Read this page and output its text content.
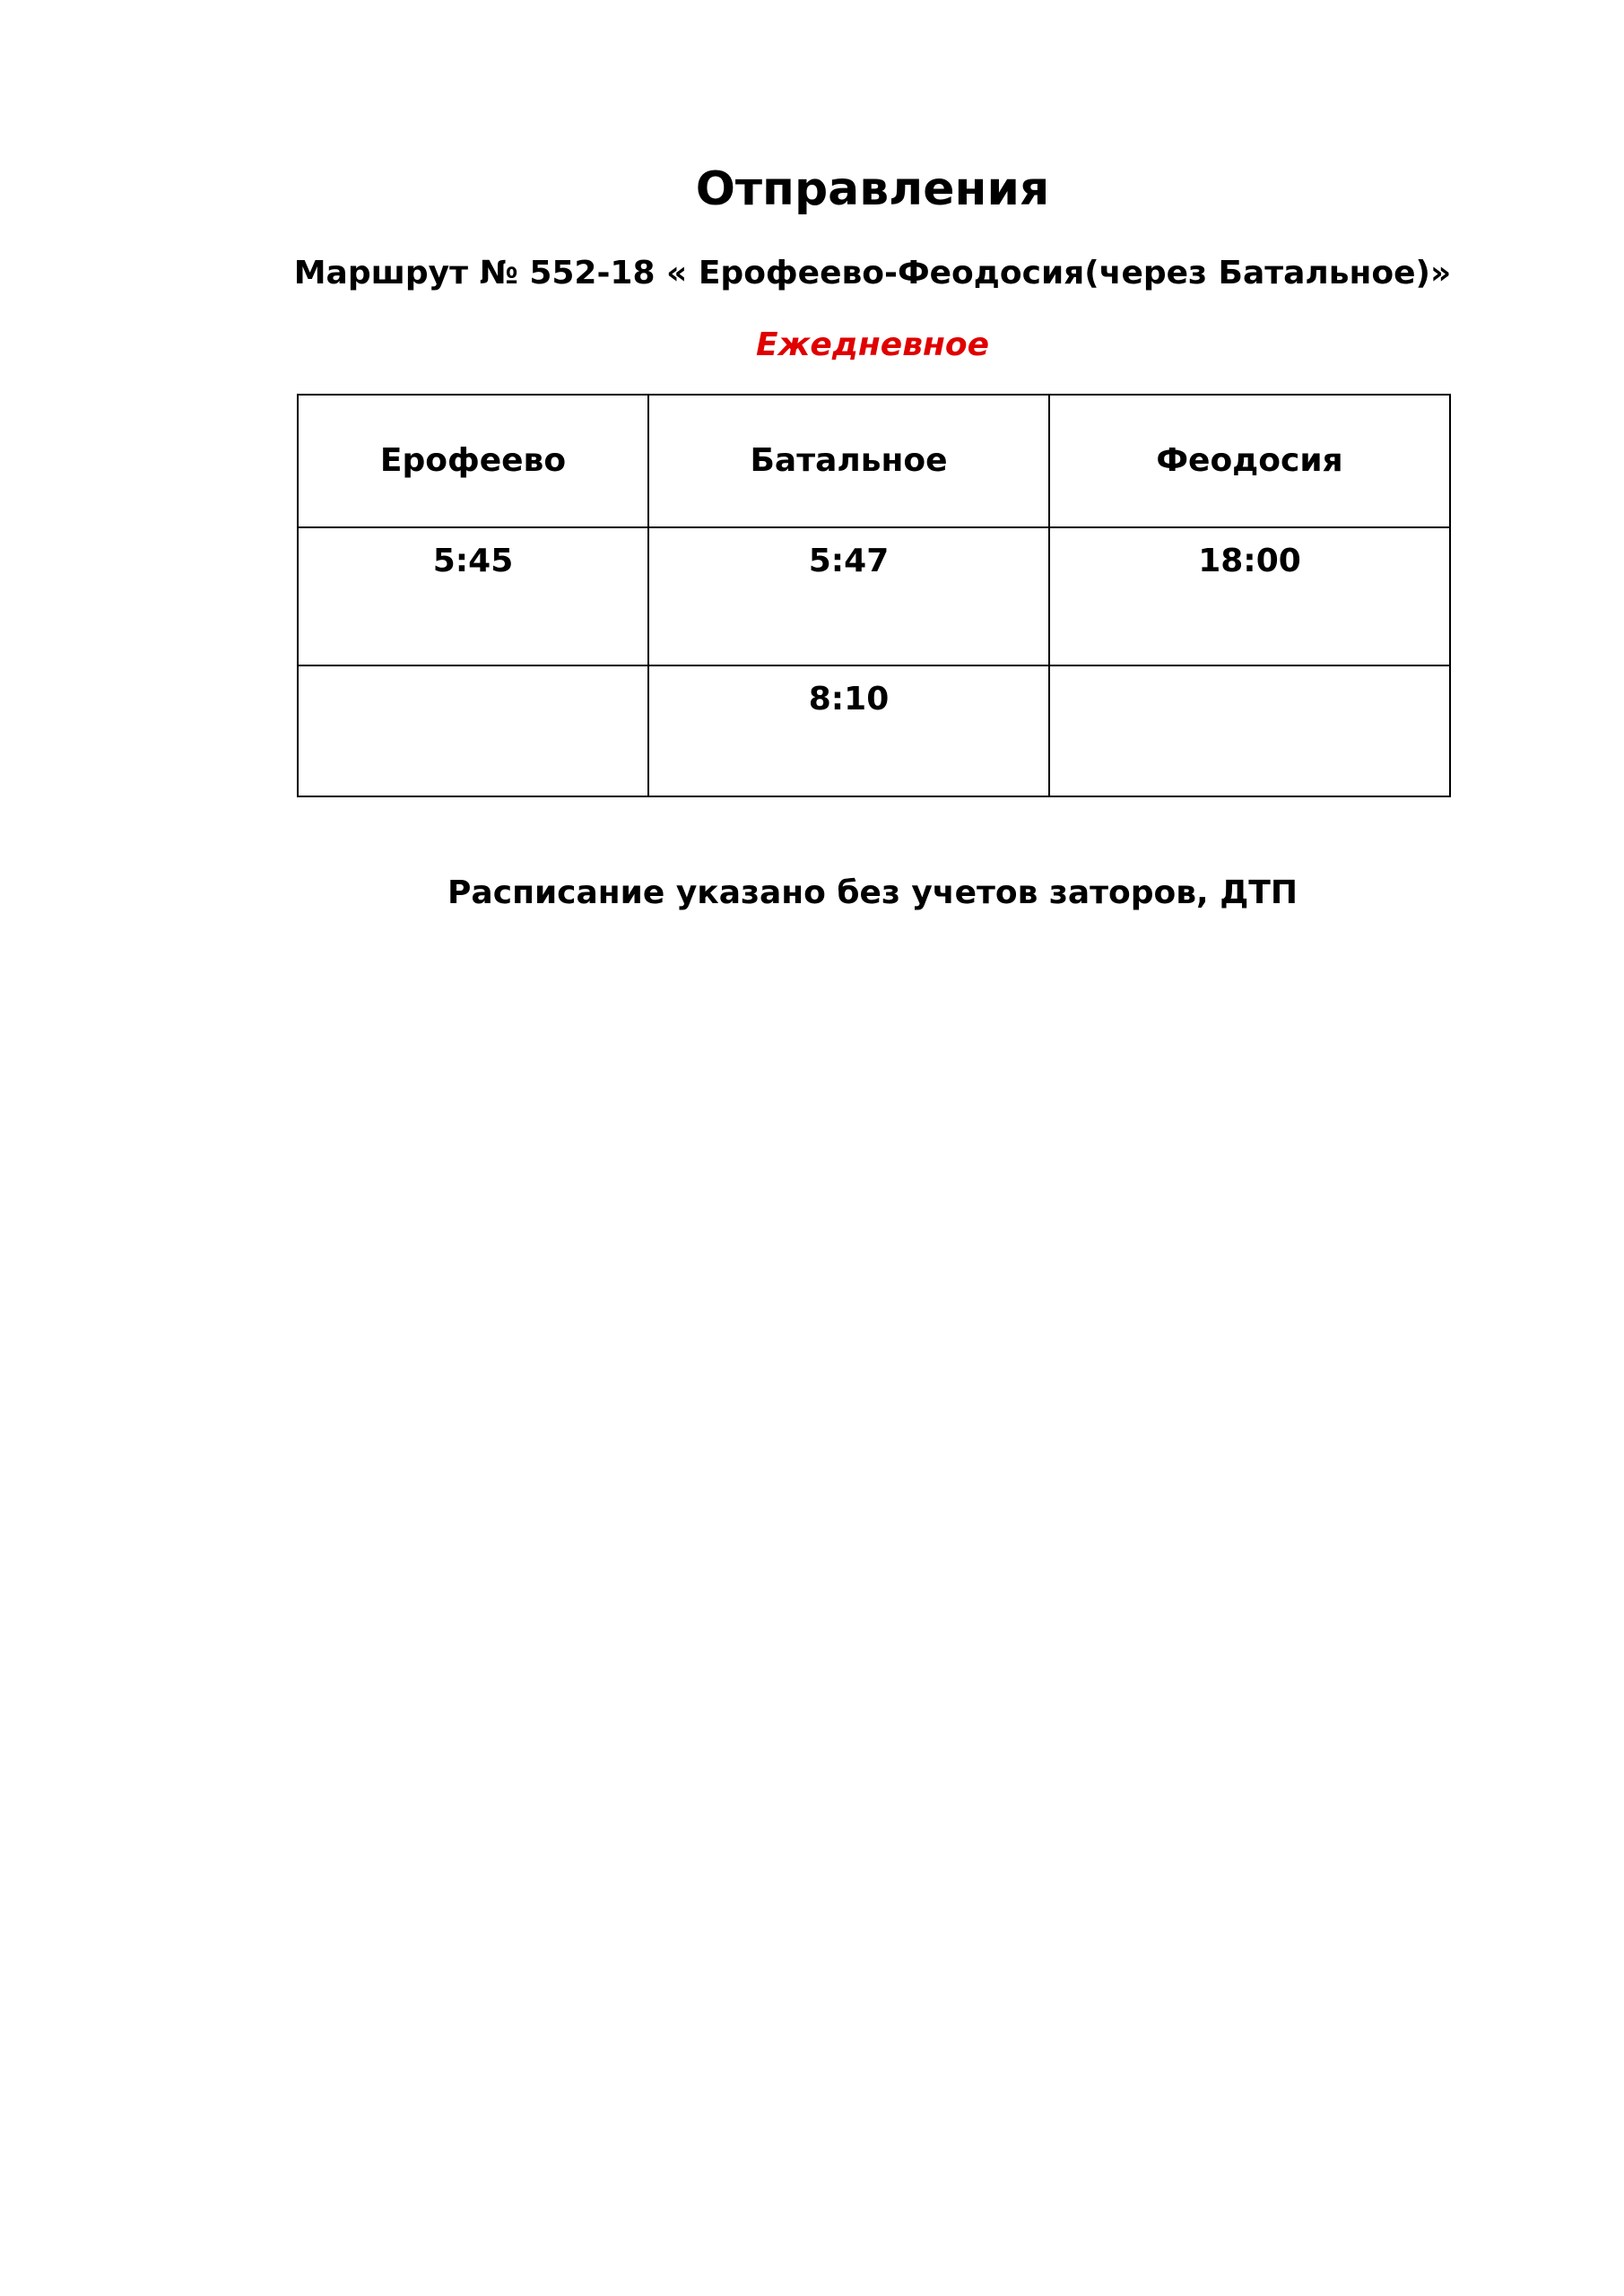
Отправления
Маршрут № 552-18 « Ерофеево-Феодосия(через Батальное)»
Ежедневное
Ерофеево	Батальное	Феодосия
5:45	5:47	18:00
	8:10	
Расписание указано без учетов заторов, ДТП
